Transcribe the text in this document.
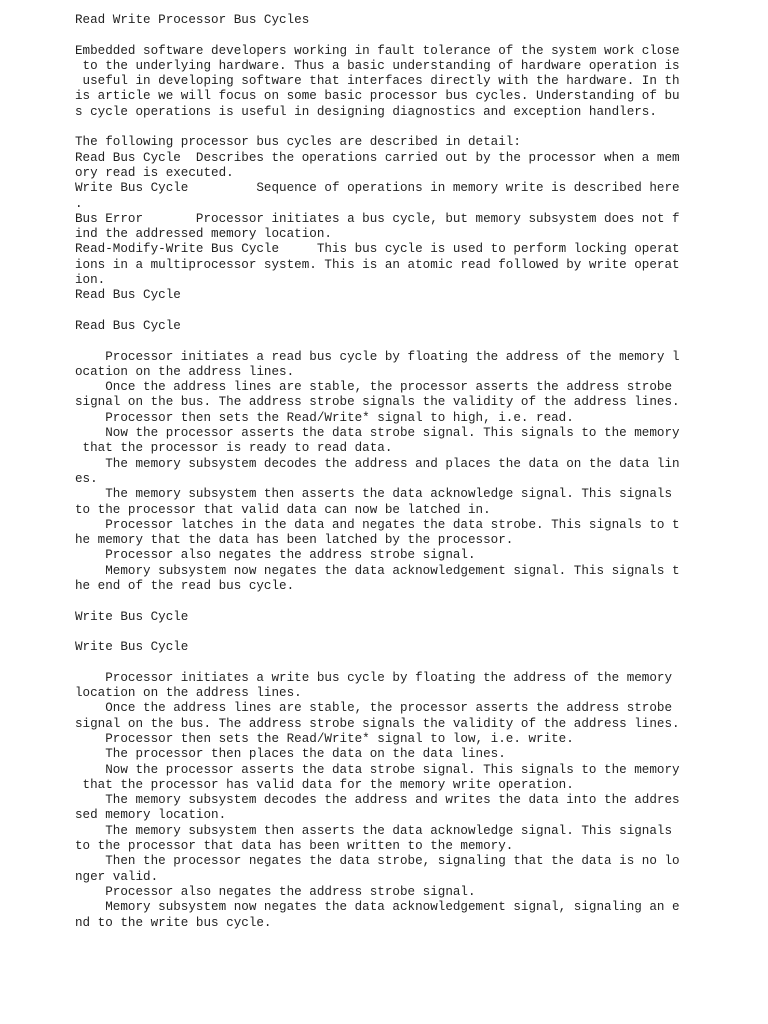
Read Write Processor Bus Cycles

Embedded software developers working in fault tolerance of the system work close
to the underlying hardware. Thus a basic understanding of hardware operation is
useful in developing software that interfaces directly with the hardware. In th
is article we will focus on some basic processor bus cycles. Understanding of bu
s cycle operations is useful in designing diagnostics and exception handlers.

The following processor bus cycles are described in detail:
Read Bus Cycle  Describes the operations carried out by the processor when a mem
ory read is executed.
Write Bus Cycle         Sequence of operations in memory write is described here
.
Bus Error       Processor initiates a bus cycle, but memory subsystem does not f
ind the addressed memory location.
Read-Modify-Write Bus Cycle     This bus cycle is used to perform locking operat
ions in a multiprocessor system. This is an atomic read followed by write operat
ion.
Read Bus Cycle

Read Bus Cycle

Processor initiates a read bus cycle by floating the address of the memory l
ocation on the address lines.
Once the address lines are stable, the processor asserts the address strobe
signal on the bus. The address strobe signals the validity of the address lines.
Processor then sets the Read/Write* signal to high, i.e. read.
Now the processor asserts the data strobe signal. This signals to the memory
that the processor is ready to read data.
The memory subsystem decodes the address and places the data on the data lin
es.
The memory subsystem then asserts the data acknowledge signal. This signals
to the processor that valid data can now be latched in.
Processor latches in the data and negates the data strobe. This signals to t
he memory that the data has been latched by the processor.
Processor also negates the address strobe signal.
Memory subsystem now negates the data acknowledgement signal. This signals t
he end of the read bus cycle.

Write Bus Cycle

Write Bus Cycle

Processor initiates a write bus cycle by floating the address of the memory
location on the address lines.
Once the address lines are stable, the processor asserts the address strobe
signal on the bus. The address strobe signals the validity of the address lines.
Processor then sets the Read/Write* signal to low, i.e. write.
The processor then places the data on the data lines.
Now the processor asserts the data strobe signal. This signals to the memory
that the processor has valid data for the memory write operation.
The memory subsystem decodes the address and writes the data into the addres
sed memory location.
The memory subsystem then asserts the data acknowledge signal. This signals
to the processor that data has been written to the memory.
Then the processor negates the data strobe, signaling that the data is no lo
nger valid.
Processor also negates the address strobe signal.
Memory subsystem now negates the data acknowledgement signal, signaling an e
nd to the write bus cycle.
